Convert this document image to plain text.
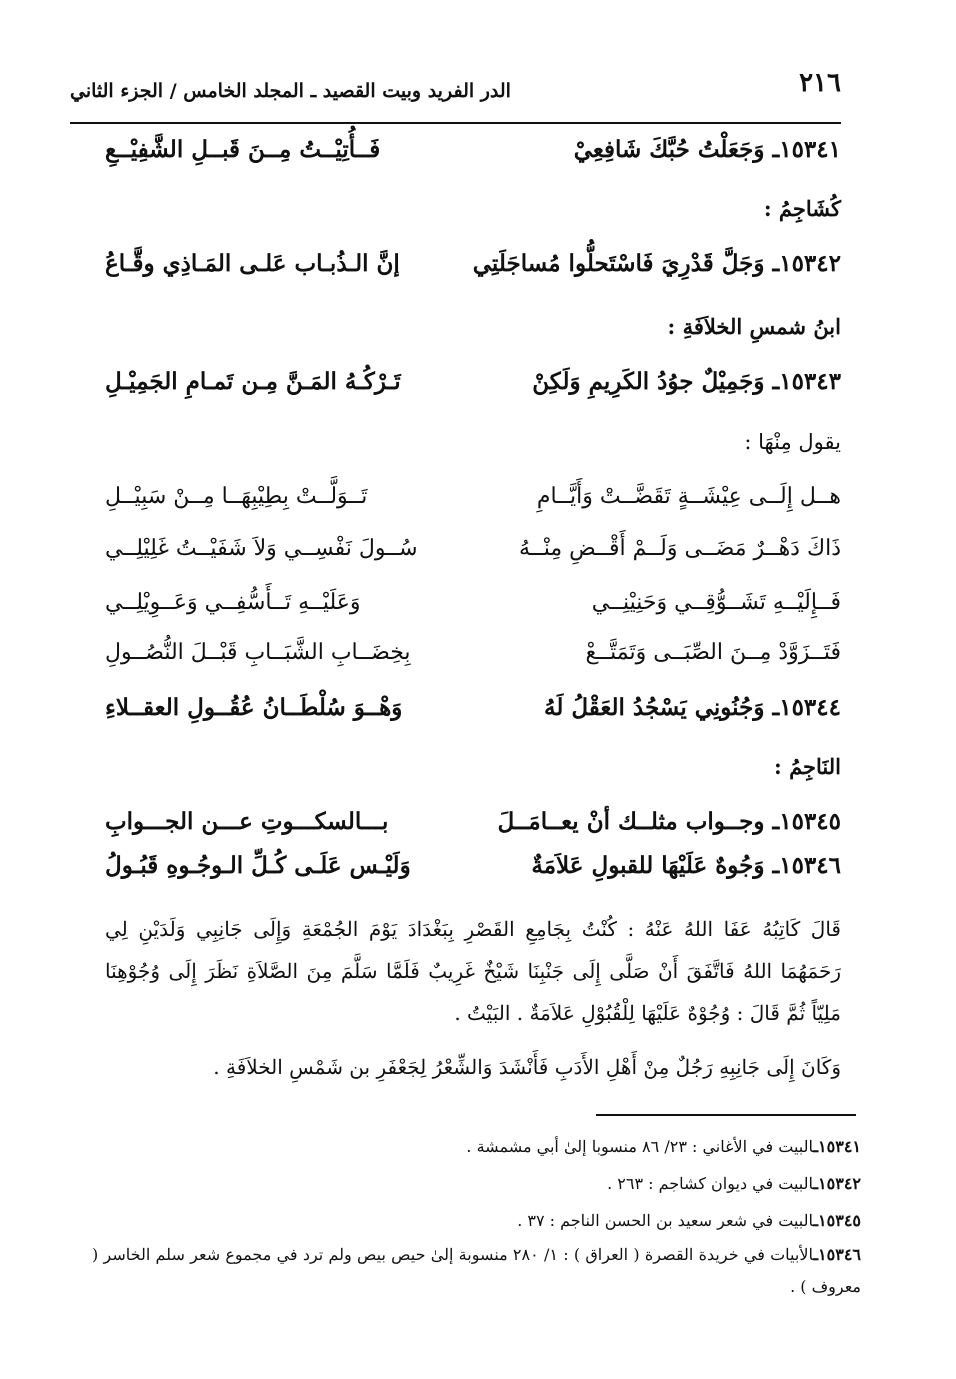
٢١٦
الدر الفريد وبيت القصيد ـ المجلد الخامس / الجزء الثاني
١٥٣٤١ـ وَجَعَلْتُ حُبَّكَ شَافِعِيْ
فَــأُتِيْــتُ مِــنَ قَبــلِ الشَّفِيْــعِ
كُشَاجِمُ :
١٥٣٤٢ـ وَجَلَّ قَدْرِيَ فَاسْتَحلُّوا مُساجَلَتِي
إنَّ الـذُبـاب عَلـى المَـاذِي وقَّـاعُ
ابنُ شمسِ الخلاَفَةِ :
١٥٣٤٣ـ وَجَمِيْلٌ جوُدُ الكَرِيمِ وَلَكِنْ
تَـرْكُـهُ المَـنَّ مِـن تَمـامِ الجَمِيْـلِ
يقول مِنْهَا :
هــل إِلَــى عِيْشَــةٍ تَقَضَّــتْ وَأَيَّــامِ
تَــوَلَّــتْ بِطِيْبِهَــا مِــنْ سَبِيْــلِ
ذَاكَ دَهْــرٌ مَضَــى وَلَــمْ أَقْــضِ مِنْــهُ
سُــولَ نَفْسِــي وَلاَ شَفَيْــتُ غَلِيْلِــي
فَــإِلَيْــهِ تَشَــوُّقِــي وَحَنِيْنِــي
وَعَلَيْــهِ تَــأَسُّفِــي وَعَــوِيْلِــي
فَتَــزَوَّدْ مِــنَ الصِّبَــى وَتَمَتَّــعْ
بِخِضَــابِ الشَّبَــابِ قَبْــلَ النُّصُــولِ
١٥٣٤٤ـ وَجُنُونِي يَسْجُدُ العَقْلُ لَهُ
وَهْــوَ سُلْطَــانُ عُقُــولِ العقــلاءِ
النَاجِمُ :
١٥٣٤٥ـ وجــواب مثلــك أنْ يعــامَــلَ
بـــالسكـــوتِ عـــن الجـــوابِ
١٥٣٤٦ـ وَجُوهٌ عَلَيْهَا للقبولِ عَلاَمَةٌ
وَلَيْـس عَلَـى كُـلِّ الـوجُـوهِ قَبُـولُ

قَالَ كَاتِبُهُ عَفَا اللهُ عَنْهُ : كُنْتُ بِجَامِعِ القَصْرِ بِبَغْدَادَ يَوْمَ الجُمْعَةِ وَإِلَى جَانِبِي وَلَدَيْنِ لِي رَحَمَهُمَا اللهُ فَاتَّفَقَ أَنْ صَلَّى إِلَى جَنْبِنَا شَيْخٌ غَرِيبٌ فَلَمَّا سَلَّمَ مِنَ الصَّلاَةِ نَظَرَ إِلَى وُجُوْهِنَا مَلِيّاً ثُمَّ قَالَ : وُجُوْهٌ عَلَيْهَا لِلْقُبُوْلِ عَلاَمَةٌ . البَيْتُ .

وَكَانَ إِلَى جَانِبِهِ رَجُلٌ مِنْ أَهْلِ الأَدَبِ فَأَنْشَدَ وَالشِّعْرُ لِجَعْفَرِ بن شَمْسِ الخلاَفَةِ .

١٥٣٤١ـالبيت في الأغاني : ٢٣/ ٨٦ منسوبا إلىٰ أبي مشمشة .
١٥٣٤٢ـالبيت في ديوان كشاجم : ٢٦٣ .
١٥٣٤٥ـالبيت في شعر سعيد بن الحسن الناجم : ٣٧ .
١٥٣٤٦ـالأبيات في خريدة القصرة ( العراق ) : ١/ ٢٨٠ منسوبة إلىٰ حيص بيص ولم ترد في مجموع شعر سلم الخاسر ( معروف ) .
